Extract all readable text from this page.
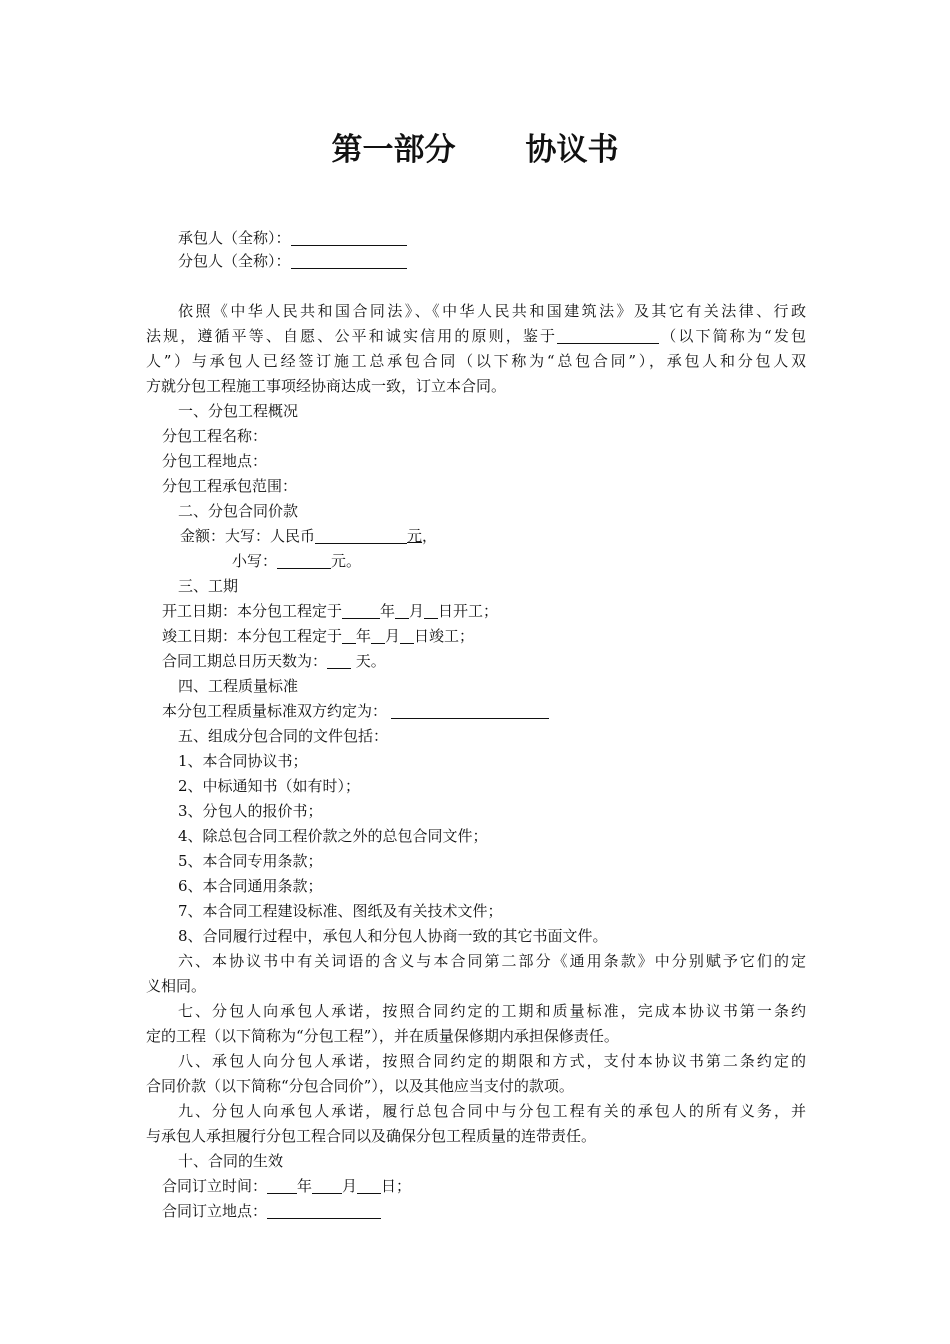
第一部分 协议书
承包人（全称）：
分包人（全称）：
依照《中华人民共和国合同法》、《中华人民共和国建筑法》及其它有关法律、行政
法规，遵循平等、自愿、公平和诚实信用的原则，鉴于	（以下简称为“发包
人”）与承包人已经签订施工总承包合同（以下称为“总包合同”），承包人和分包人双
方就分包工程施工事项经协商达成一致，订立本合同。
一、分包工程概况
分包工程名称：
分包工程地点：
分包工程承包范围：
二、分包合同价款
金额：大写：人民币	元，
小写：	元。
三、工期
开工日期：本分包工程定于	年 月 日开工；
竣工日期：本分包工程定于 年 月 日竣工；
合同工期总日历天数为： 天。
四、工程质量标准
本分包工程质量标准双方约定为：
五、组成分包合同的文件包括：
1、本合同协议书；
2、中标通知书（如有时）；
3、分包人的报价书；
4、除总包合同工程价款之外的总包合同文件；
5、本合同专用条款；
6、本合同通用条款；
7、本合同工程建设标准、图纸及有关技术文件；
8、合同履行过程中，承包人和分包人协商一致的其它书面文件。
六、本协议书中有关词语的含义与本合同第二部分《通用条款》中分别赋予它们的定
义相同。
七、分包人向承包人承诺，按照合同约定的工期和质量标准，完成本协议书第一条约
定的工程（以下简称为“分包工程”），并在质量保修期内承担保修责任。
八、承包人向分包人承诺，按照合同约定的期限和方式，支付本协议书第二条约定的
合同价款（以下简称“分包合同价”），以及其他应当支付的款项。
九、分包人向承包人承诺，履行总包合同中与分包工程有关的承包人的所有义务，并
与承包人承担履行分包工程合同以及确保分包工程质量的连带责任。
十、合同的生效
合同订立时间： 年 月 日；
合同订立地点：
